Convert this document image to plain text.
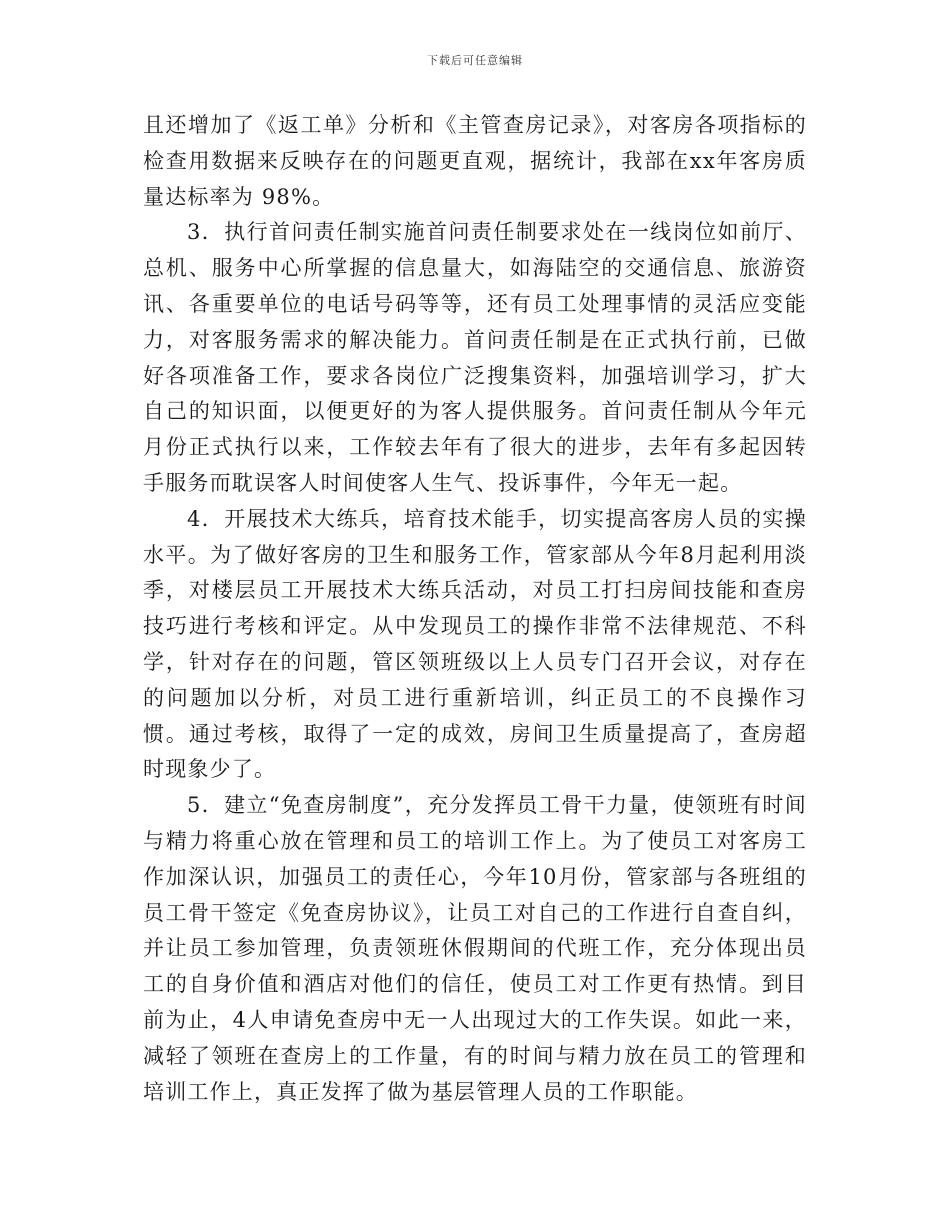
下载后可任意编辑

且还增加了《返工单》分析和《主管查房记录》，对客房各项指标的检查用数据来反映存在的问题更直观，据统计，我部在xx年客房质量达标率为 98%。

3．执行首问责任制实施首问责任制要求处在一线岗位如前厅、总机、服务中心所掌握的信息量大，如海陆空的交通信息、旅游资讯、各重要单位的电话号码等等，还有员工处理事情的灵活应变能力，对客服务需求的解决能力。首问责任制是在正式执行前，已做好各项准备工作，要求各岗位广泛搜集资料，加强培训学习，扩大自己的知识面，以便更好的为客人提供服务。首问责任制从今年元月份正式执行以来，工作较去年有了很大的进步，去年有多起因转手服务而耽误客人时间使客人生气、投诉事件，今年无一起。

4．开展技术大练兵，培育技术能手，切实提高客房人员的实操水平。为了做好客房的卫生和服务工作，管家部从今年8月起利用淡季，对楼层员工开展技术大练兵活动，对员工打扫房间技能和查房技巧进行考核和评定。从中发现员工的操作非常不法律规范、不科学，针对存在的问题，管区领班级以上人员专门召开会议，对存在的问题加以分析，对员工进行重新培训，纠正员工的不良操作习惯。通过考核，取得了一定的成效，房间卫生质量提高了，查房超时现象少了。

5．建立“免查房制度”，充分发挥员工骨干力量，使领班有时间与精力将重心放在管理和员工的培训工作上。为了使员工对客房工作加深认识，加强员工的责任心，今年10月份，管家部与各班组的员工骨干签定《免查房协议》，让员工对自己的工作进行自查自纠，并让员工参加管理，负责领班休假期间的代班工作，充分体现出员工的自身价值和酒店对他们的信任，使员工对工作更有热情。到目前为止，4人申请免查房中无一人出现过大的工作失误。如此一来，减轻了领班在查房上的工作量，有的时间与精力放在员工的管理和培训工作上，真正发挥了做为基层管理人员的工作职能。
